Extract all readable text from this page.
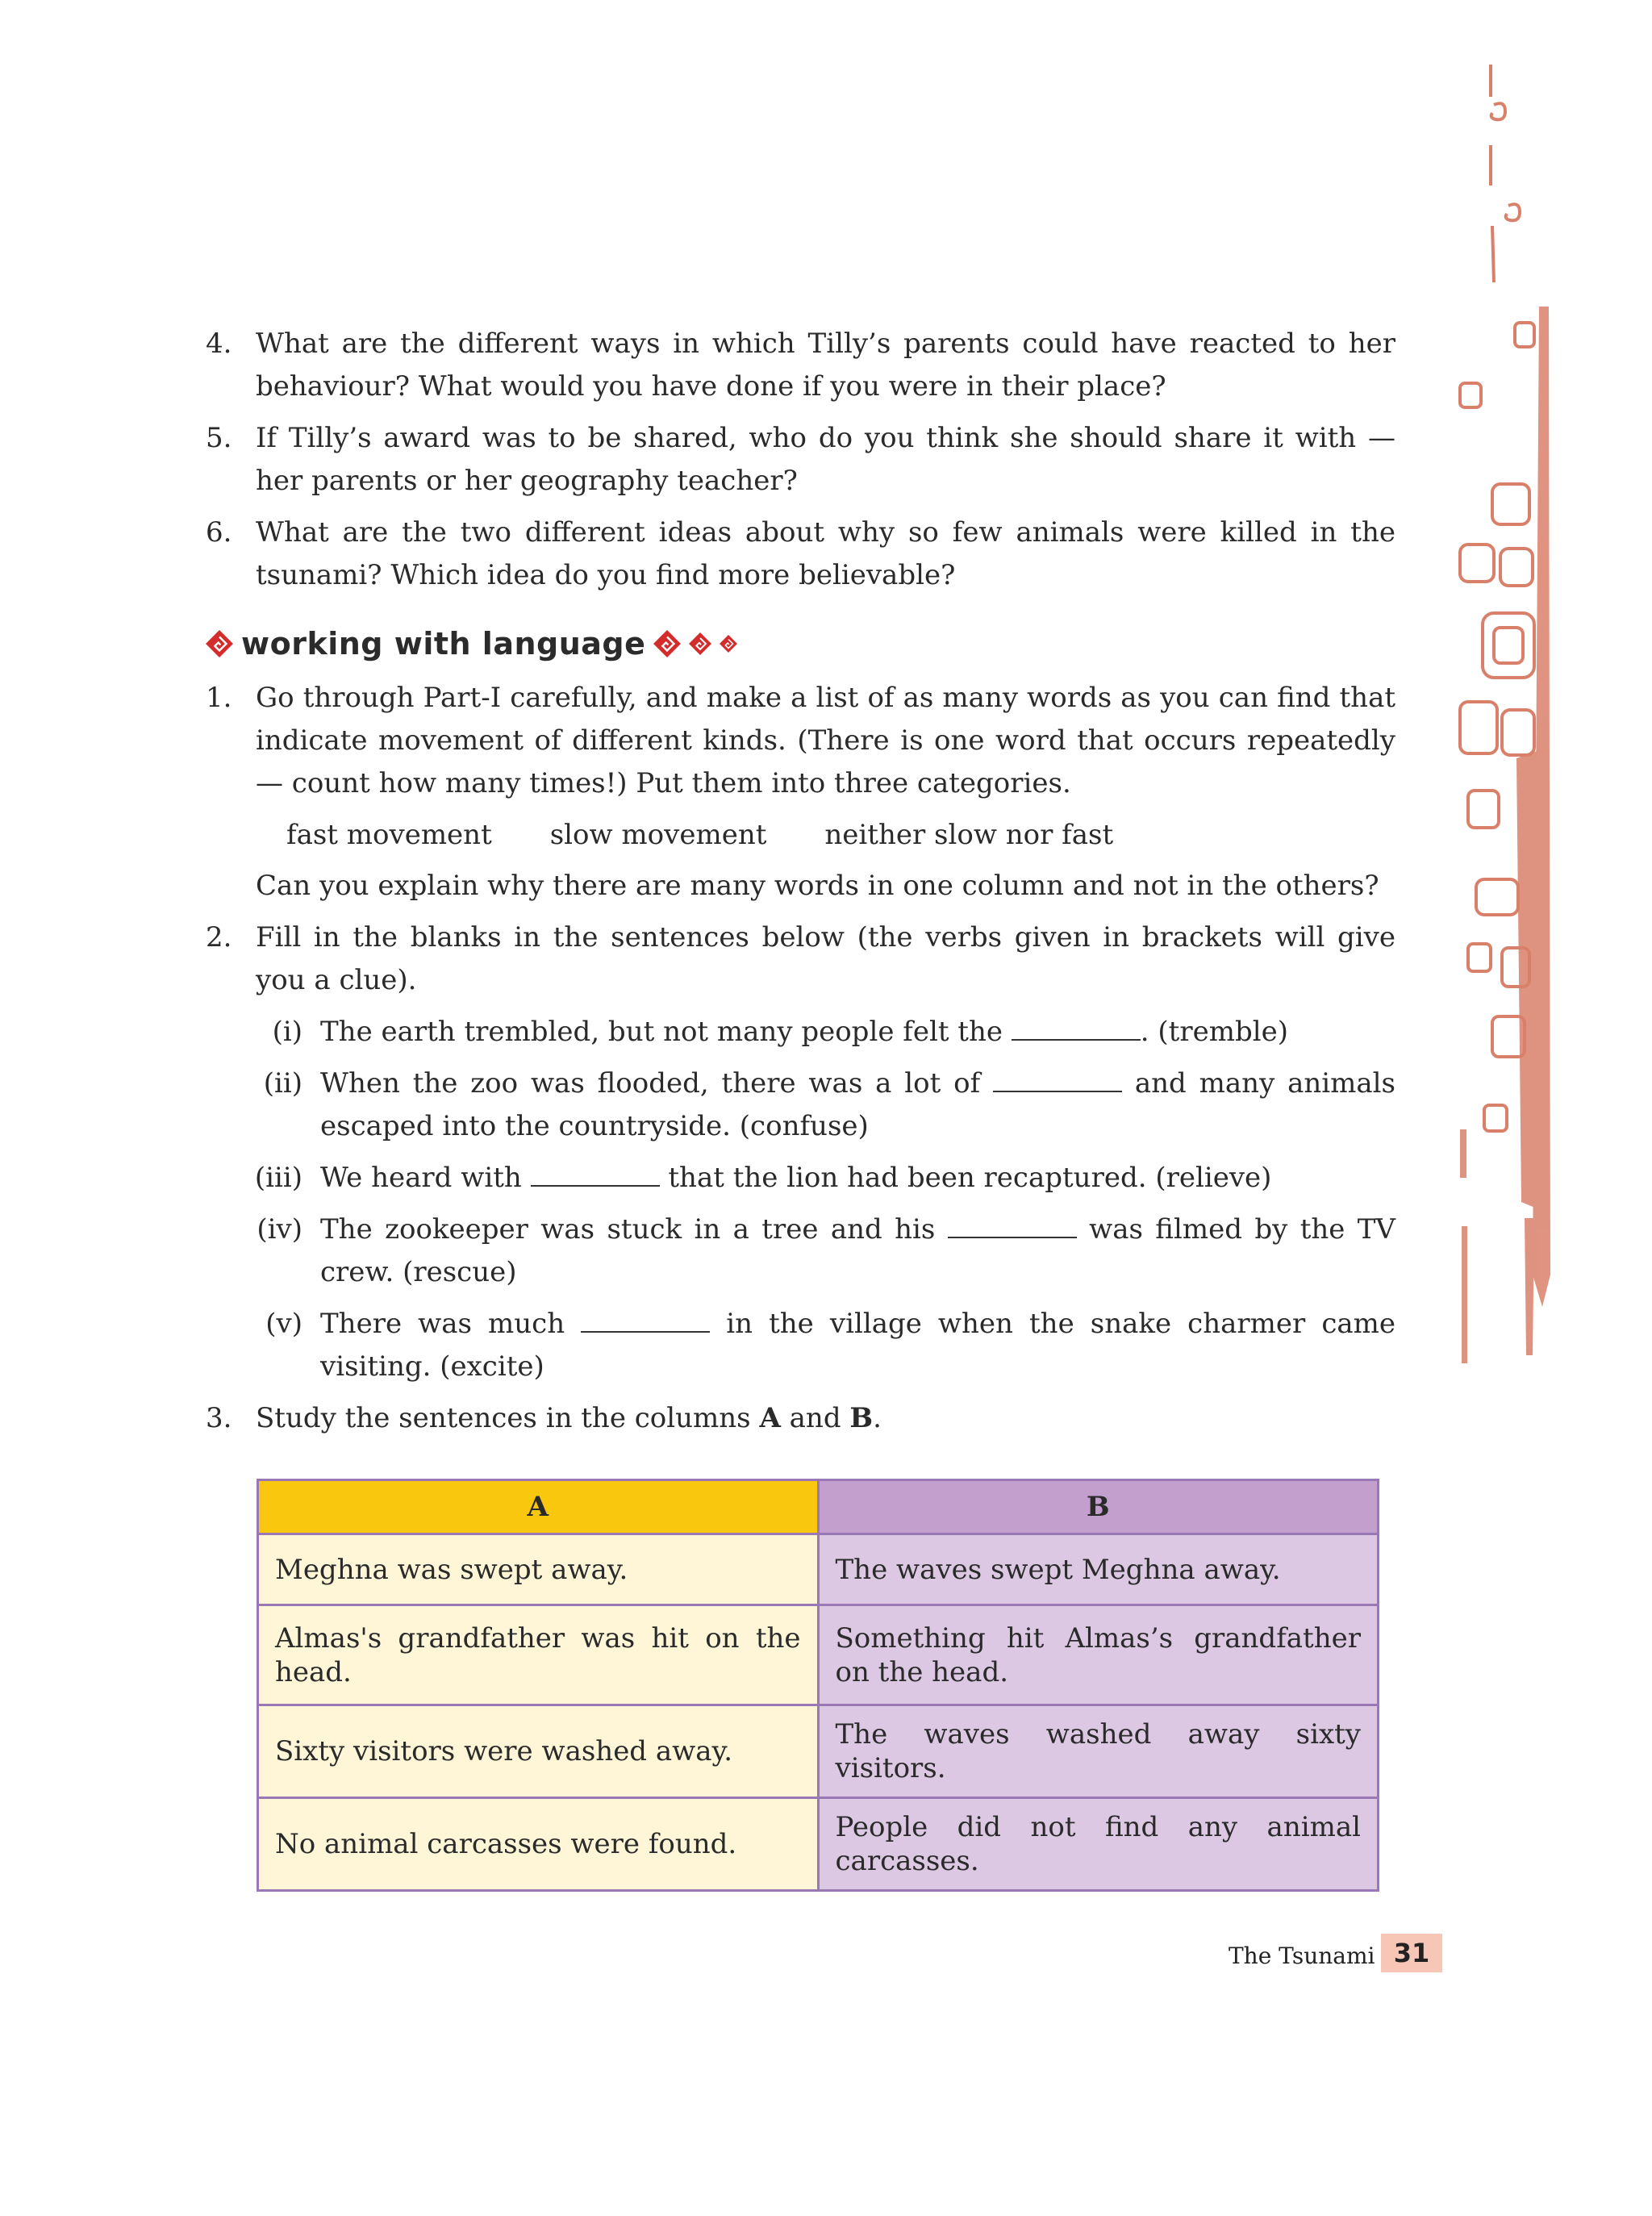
4. What are the different ways in which Tilly’s parents could have reacted to her behaviour? What would you have done if you were in their place?
5. If Tilly’s award was to be shared, who do you think she should share it with — her parents or her geography teacher?
6. What are the two different ideas about why so few animals were killed in the tsunami? Which idea do you find more believable?
1. Go through Part-I carefully, and make a list of as many words as you can find that indicate movement of different kinds. (There is one word that occurs repeatedly — count how many times!) Put them into three categories.
fast movement slow movement neither slow nor fast
Can you explain why there are many words in one column and not in the others?
2. Fill in the blanks in the sentences below (the verbs given in brackets will give you a clue).
(i) The earth trembled, but not many people felt the	. (tremble)
(ii) When the zoo was flooded, there was a lot of	and many animals escaped into the countryside. (confuse)
(iii) We heard with	that the lion had been recaptured. (relieve)
(iv) The zookeeper was stuck in a tree and his	was filmed by the TV crew. (rescue)
(v) There was much	in the village when the snake charmer came visiting. (excite)
3. Study the sentences in the columns A and B.
working with language
A	B
Meghna was swept away.	The waves swept Meghna away.
Almas's grandfather was hit on the head.	Something hit Almas’s grandfather on the head.
Sixty visitors were washed away.	The waves washed away sixty visitors.
No animal carcasses were found.	People did not find any animal carcasses.
The Tsunami 31
